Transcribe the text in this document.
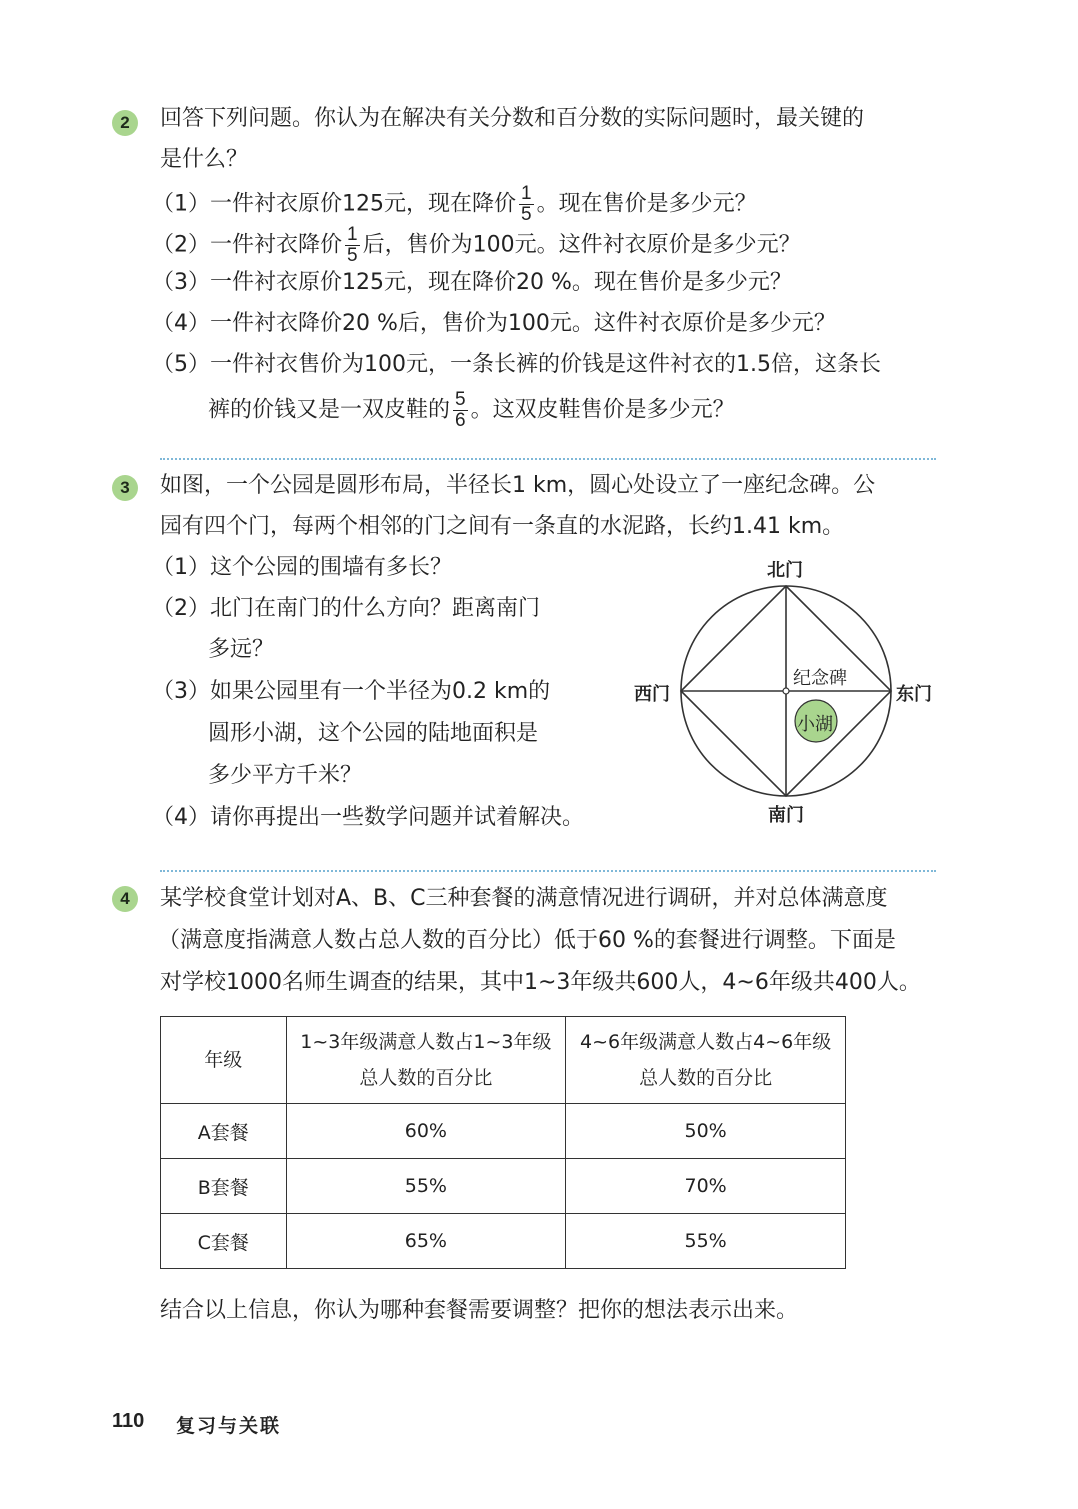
2	回答下列问题。你认为在解决有关分数和百分数的实际问题时，最关键的
是什么？
（1）一件衬衣原价125元，现在降价 $\frac{1}{5}$ 。现在售价是多少元？
（2）一件衬衣降价 $\frac{1}{5}$ 后，售价为100元。这件衬衣原价是多少元？
（3）一件衬衣原价125元，现在降价20 %。现在售价是多少元？
（4）一件衬衣降价20 %后，售价为100元。这件衬衣原价是多少元？
（5）一件衬衣售价为100元，一条长裤的价钱是这件衬衣的1.5倍，这条长
裤的价钱又是一双皮鞋的 $\frac{5}{6}$ 。这双皮鞋售价是多少元？
3	如图，一个公园是圆形布局，半径长1 km，圆心处设立了一座纪念碑。公
园有四个门，每两个相邻的门之间有一条直的水泥路，长约1.41 km。
（1）这个公园的围墙有多长？
（2）北门在南门的什么方向？距离南门
多远？
（3）如果公园里有一个半径为0.2 km的
圆形小湖，这个公园的陆地面积是
多少平方千米？
（4）请你再提出一些数学问题并试着解决。
北门
南门
西门	东门
纪念碑
小湖
4	某学校食堂计划对A、B、C三种套餐的满意情况进行调研，并对总体满意度
（满意度指满意人数占总人数的百分比）低于60 %的套餐进行调整。下面是
对学校1000名师生调查的结果，其中1~3年级共600人，4~6年级共400人。
年级	1~3年级满意人数占1~3年级总人数的百分比	4~6年级满意人数占4~6年级总人数的百分比
A套餐	60%	50%
B套餐	55%	70%
C套餐	65%	55%
结合以上信息，你认为哪种套餐需要调整？把你的想法表示出来。
110 复习与关联
